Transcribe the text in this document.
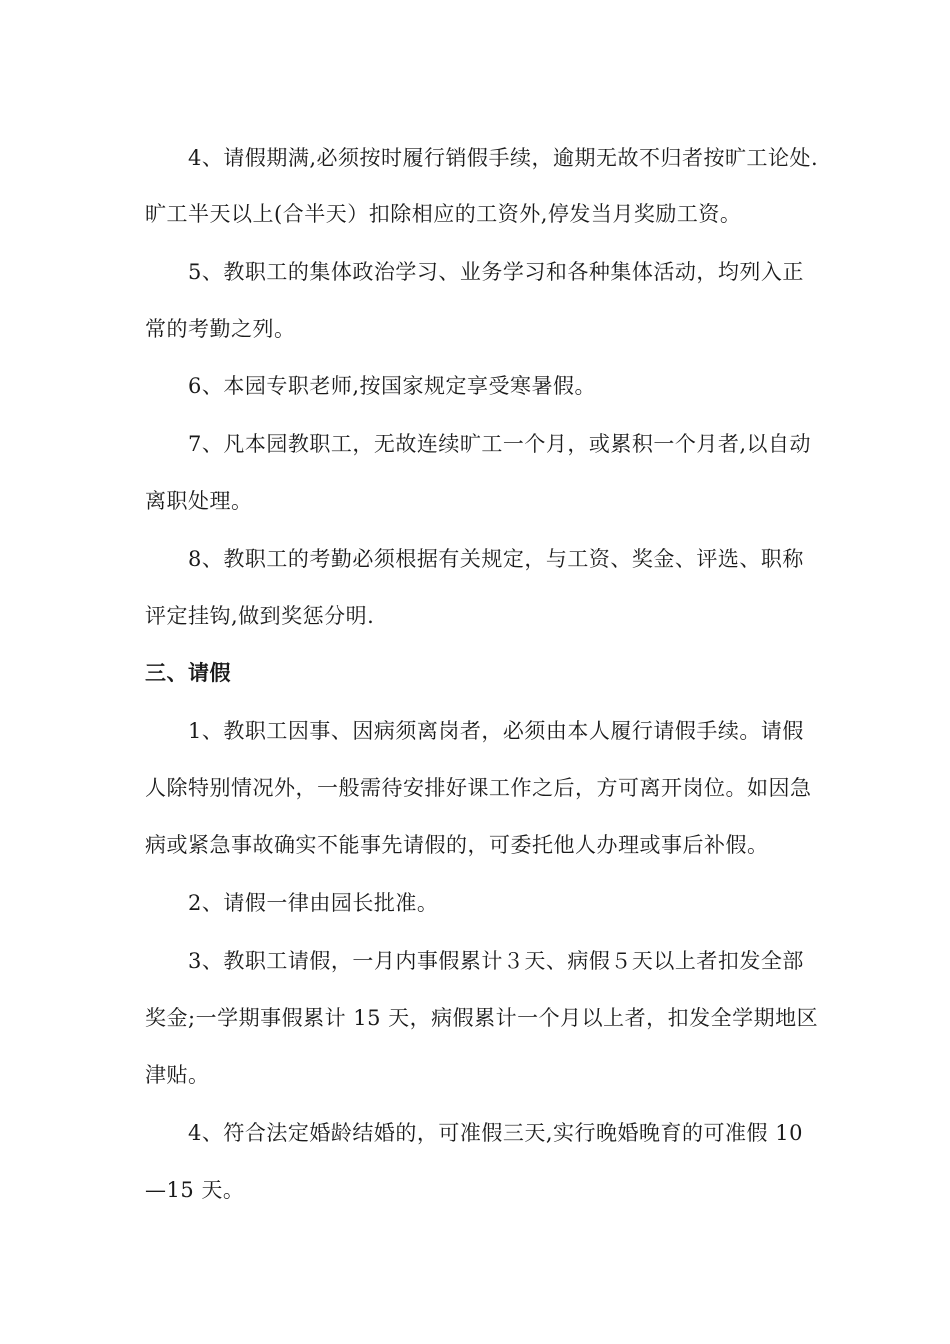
4、请假期满,必须按时履行销假手续，逾期无故不归者按旷工论处.
旷工半天以上(合半天）扣除相应的工资外,停发当月奖励工资。
5、教职工的集体政治学习、业务学习和各种集体活动，均列入正
常的考勤之列。
6、本园专职老师,按国家规定享受寒暑假。
7、凡本园教职工，无故连续旷工一个月，或累积一个月者,以自动
离职处理。
8、教职工的考勤必须根据有关规定，与工资、奖金、评选、职称
评定挂钩,做到奖惩分明.
三、请假
1、教职工因事、因病须离岗者，必须由本人履行请假手续。请假
人除特别情况外，一般需待安排好课工作之后，方可离开岗位。如因急
病或紧急事故确实不能事先请假的，可委托他人办理或事后补假。
2、请假一律由园长批准。
3、教职工请假，一月内事假累计３天、病假５天以上者扣发全部
奖金;一学期事假累计 15 天，病假累计一个月以上者，扣发全学期地区
津贴。
4、符合法定婚龄结婚的，可准假三天,实行晚婚晚育的可准假 10
—15 天。
